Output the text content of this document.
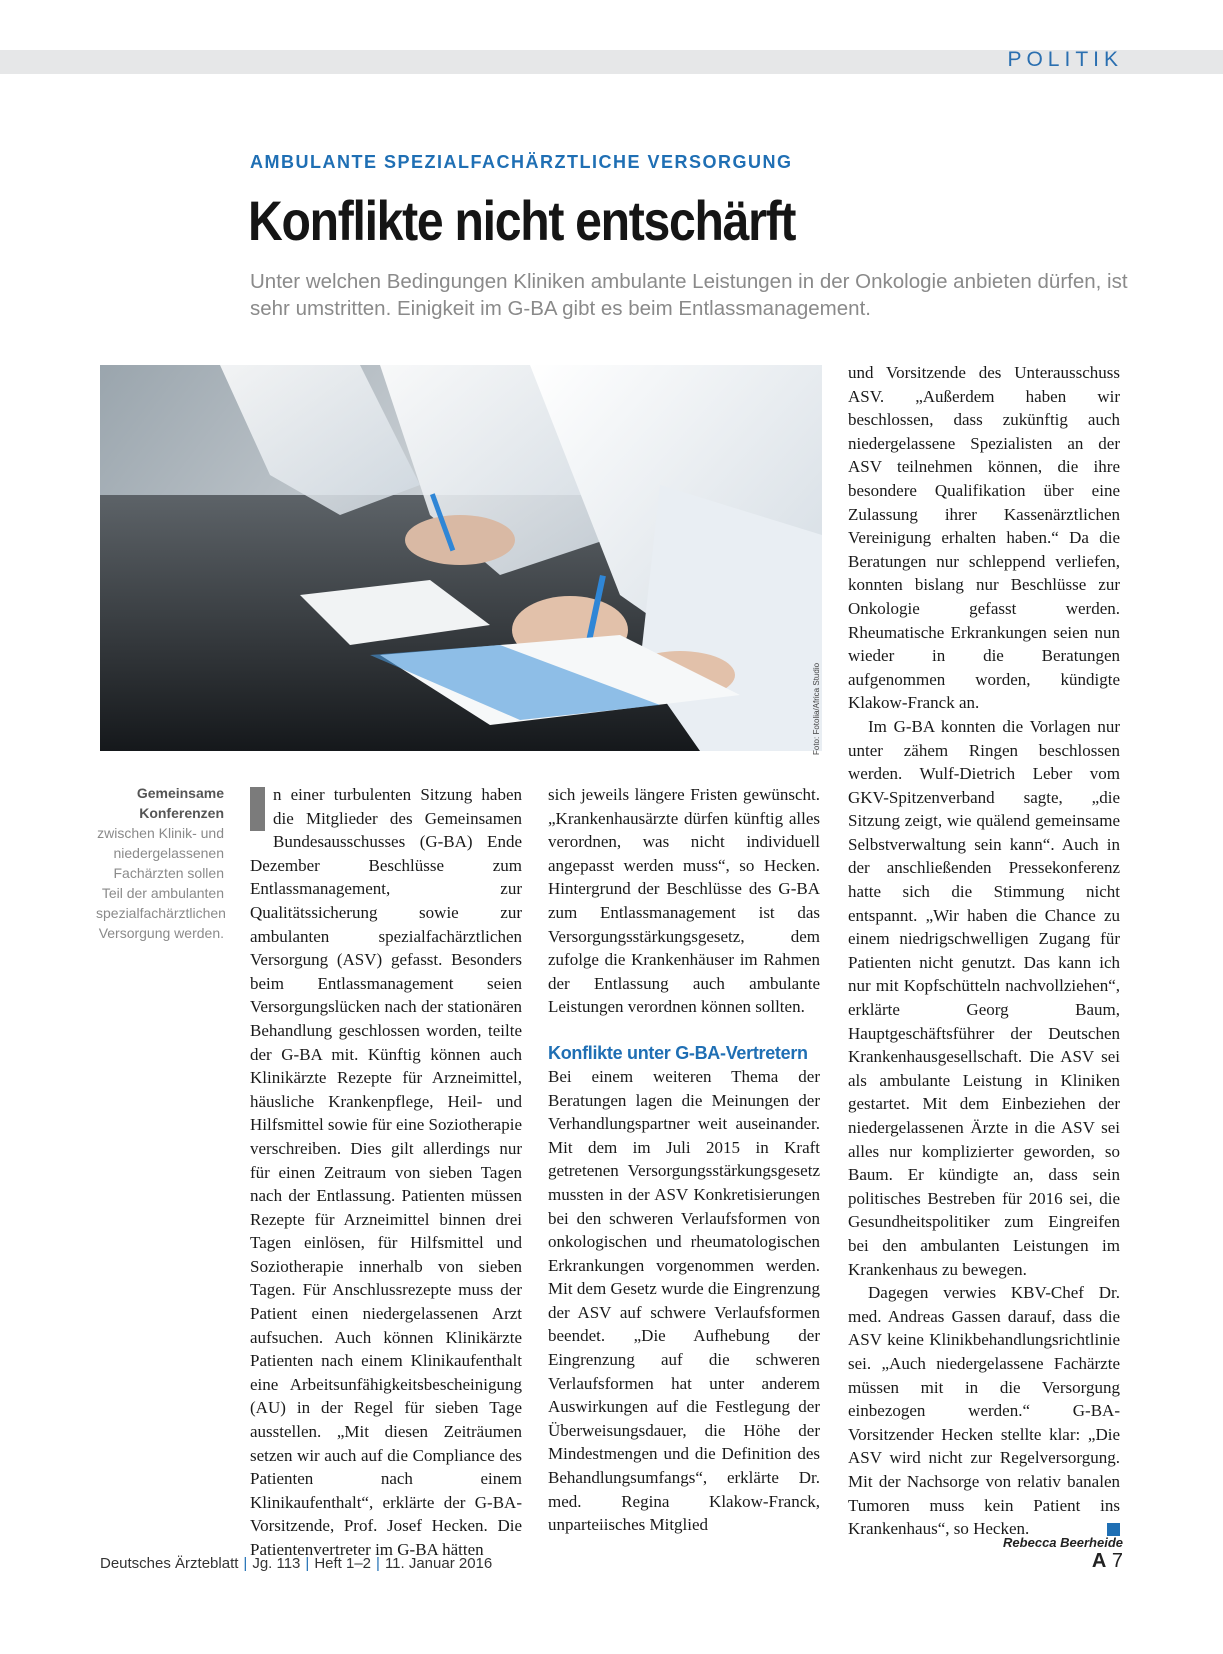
POLITIK
AMBULANTE SPEZIALFACHÄRZTLICHE VERSORGUNG
Konflikte nicht entschärft
Unter welchen Bedingungen Kliniken ambulante Leistungen in der Onkologie anbieten dürfen, ist sehr umstritten. Einigkeit im G-BA gibt es beim Entlassmanagement.
Foto: Fotolia/Africa Studio
Gemeinsame Konferenzen zwischen Klinik- und niedergelassenen Fachärzten sollen Teil der ambulanten spezialfachärztlichen Versorgung werden.

n einer turbulenten Sitzung haben die Mitglieder des Gemeinsamen Bundesausschusses (G-BA) Ende Dezember Beschlüsse zum Entlassmanagement, zur Qualitätssicherung sowie zur ambulanten spezialfachärztlichen Versorgung (ASV) gefasst. Besonders beim Entlassmanagement seien Versorgungslücken nach der stationären Behandlung geschlossen worden, teilte der G-BA mit. Künftig können auch Klinikärzte Rezepte für Arzneimittel, häusliche Krankenpflege, Heil- und Hilfsmittel sowie für eine Soziotherapie verschreiben. Dies gilt allerdings nur für einen Zeitraum von sieben Tagen nach der Entlassung. Patienten müssen Rezepte für Arzneimittel binnen drei Tagen einlösen, für Hilfsmittel und Soziotherapie innerhalb von sieben Tagen. Für Anschlussrezepte muss der Patient einen niedergelassenen Arzt aufsuchen. Auch können Klinikärzte Patienten nach einem Klinikaufenthalt eine Arbeitsunfähigkeitsbescheinigung (AU) in der Regel für sieben Tage ausstellen. „Mit diesen Zeiträumen setzen wir auch auf die Compliance des Patienten nach einem Klinikaufenthalt“, erklärte der G-BA-Vorsitzende, Prof. Josef Hecken. Die Patientenvertreter im G-BA hätten

sich jeweils längere Fristen gewünscht. „Krankenhausärzte dürfen künftig alles verordnen, was nicht individuell angepasst werden muss“, so Hecken. Hintergrund der Beschlüsse des G-BA zum Entlassmanagement ist das Versorgungsstärkungsgesetz, dem zufolge die Krankenhäuser im Rahmen der Entlassung auch ambulante Leistungen verordnen können sollten.

Konflikte unter G-BA-Vertretern

Bei einem weiteren Thema der Beratungen lagen die Meinungen der Verhandlungspartner weit auseinander. Mit dem im Juli 2015 in Kraft getretenen Versorgungsstärkungsgesetz mussten in der ASV Konkretisierungen bei den schweren Verlaufsformen von onkologischen und rheumatologischen Erkrankungen vorgenommen werden. Mit dem Gesetz wurde die Eingrenzung der ASV auf schwere Verlaufsformen beendet. „Die Aufhebung der Eingrenzung auf die schweren Verlaufsformen hat unter anderem Auswirkungen auf die Festlegung der Überweisungsdauer, die Höhe der Mindestmengen und die Definition des Behandlungsumfangs“, erklärte Dr. med. Regina Klakow-Franck, unparteiisches Mitglied

und Vorsitzende des Unterausschuss ASV. „Außerdem haben wir beschlossen, dass zukünftig auch niedergelassene Spezialisten an der ASV teilnehmen können, die ihre besondere Qualifikation über eine Zulassung ihrer Kassenärztlichen Vereinigung erhalten haben.“ Da die Beratungen nur schleppend verliefen, konnten bislang nur Beschlüsse zur Onkologie gefasst werden. Rheumatische Erkrankungen seien nun wieder in die Beratungen aufgenommen worden, kündigte Klakow-Franck an.

Im G-BA konnten die Vorlagen nur unter zähem Ringen beschlossen werden. Wulf-Dietrich Leber vom GKV-Spitzenverband sagte, „die Sitzung zeigt, wie quälend gemeinsame Selbstverwaltung sein kann“. Auch in der anschließenden Pressekonferenz hatte sich die Stimmung nicht entspannt. „Wir haben die Chance zu einem niedrigschwelligen Zugang für Patienten nicht genutzt. Das kann ich nur mit Kopfschütteln nachvollziehen“, erklärte Georg Baum, Hauptgeschäftsführer der Deutschen Krankenhausgesellschaft. Die ASV sei als ambulante Leistung in Kliniken gestartet. Mit dem Einbeziehen der niedergelassenen Ärzte in die ASV sei alles nur komplizierter geworden, so Baum. Er kündigte an, dass sein politisches Bestreben für 2016 sei, die Gesundheitspolitiker zum Eingreifen bei den ambulanten Leistungen im Krankenhaus zu bewegen.

Dagegen verwies KBV-Chef Dr. med. Andreas Gassen darauf, dass die ASV keine Klinikbehandlungsrichtlinie sei. „Auch niedergelassene Fachärzte müssen mit in die Versorgung einbezogen werden.“ G-BA-Vorsitzender Hecken stellte klar: „Die ASV wird nicht zur Regelversorgung. Mit der Nachsorge von relativ banalen Tumoren muss kein Patient ins Krankenhaus“, so Hecken.

Rebecca Beerheide
Deutsches Ärzteblatt | Jg. 113 | Heft 1–2 | 11. Januar 2016	A 7
